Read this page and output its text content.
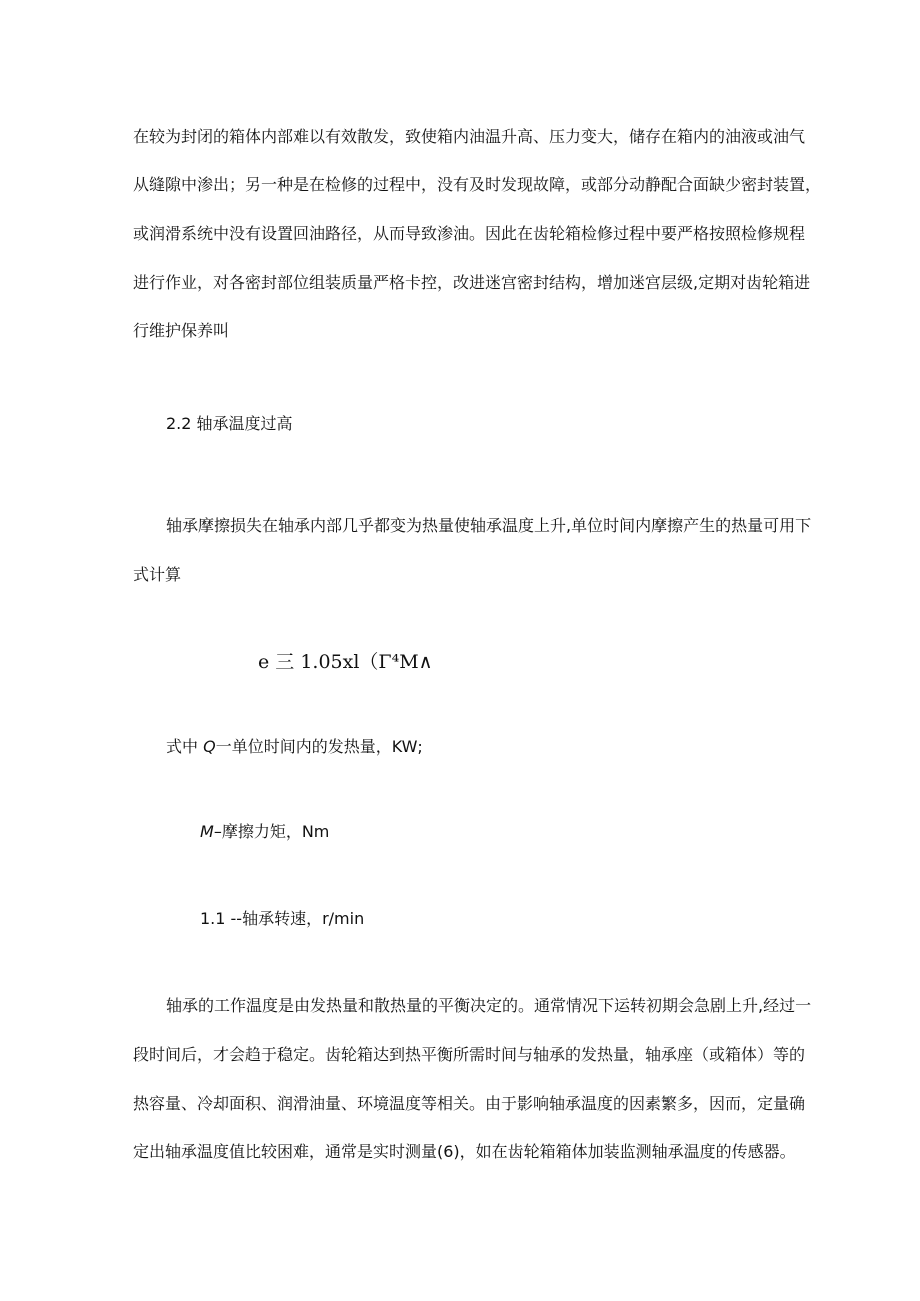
在较为封闭的箱体内部难以有效散发，致使箱内油温升高、压力变大，储存在箱内的油液或油气
从缝隙中渗出；另一种是在检修的过程中，没有及时发现故障，或部分动静配合面缺少密封装置，
或润滑系统中没有设置回油路径，从而导致渗油。因此在齿轮箱检修过程中要严格按照检修规程
进行作业，对各密封部位组装质量严格卡控，改进迷宫密封结构，增加迷宫层级,定期对齿轮箱进
行维护保养叫
2.2 轴承温度过高
轴承摩擦损失在轴承内部几乎都变为热量使轴承温度上升,单位时间内摩擦产生的热量可用下
式计算
e 三 1.05xl（Γ⁴M∧
式中 Q一单位时间内的发热量，KW;
M–摩擦力矩，Nm
1.1 --轴承转速，r/min
轴承的工作温度是由发热量和散热量的平衡决定的。通常情况下运转初期会急剧上升,经过一
段时间后，才会趋于稳定。齿轮箱达到热平衡所需时间与轴承的发热量，轴承座（或箱体）等的
热容量、冷却面积、润滑油量、环境温度等相关。由于影响轴承温度的因素繁多，因而，定量确
定出轴承温度值比较困难，通常是实时测量(6)，如在齿轮箱箱体加装监测轴承温度的传感器。
